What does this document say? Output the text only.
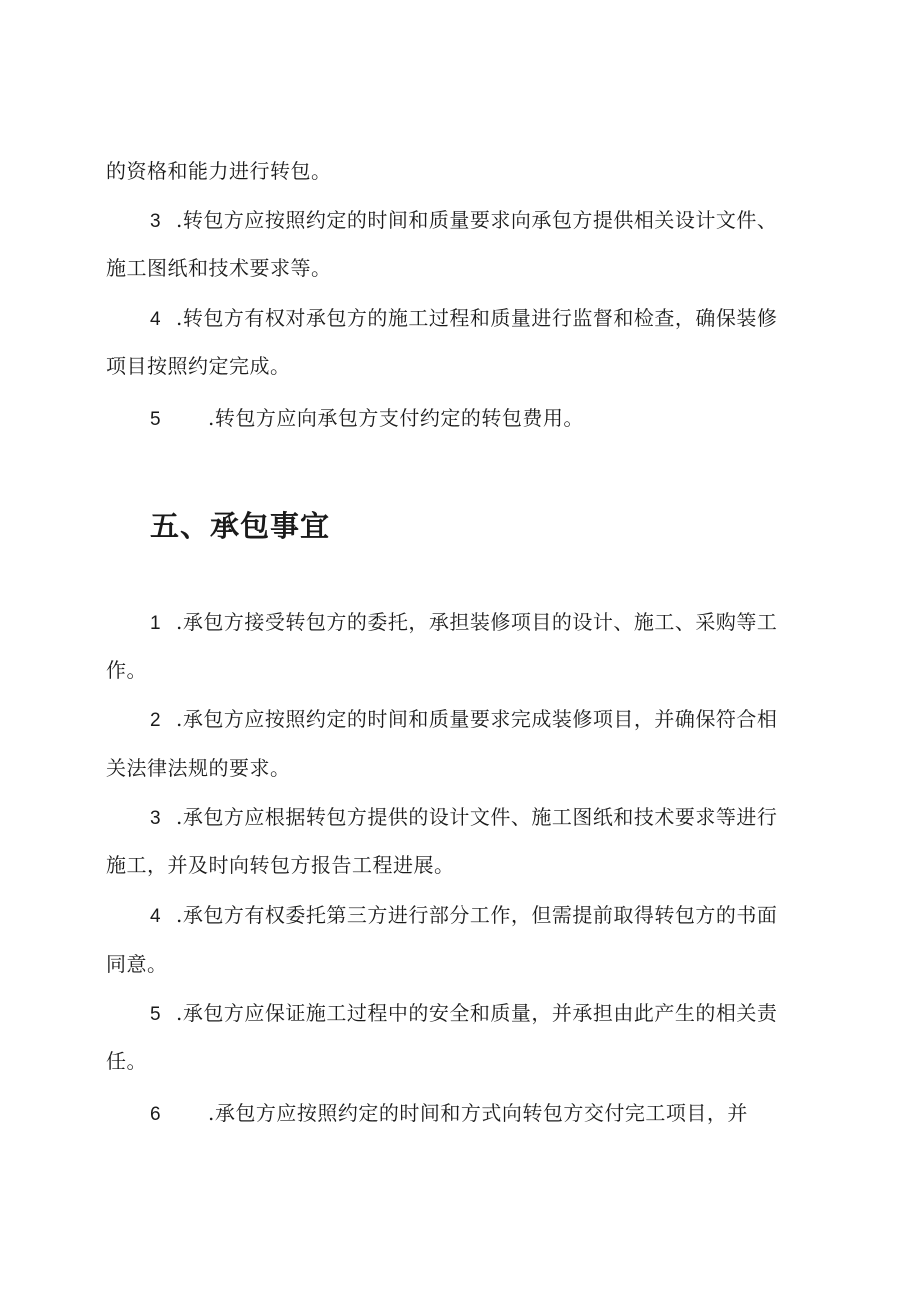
的资格和能力进行转包。
3 .转包方应按照约定的时间和质量要求向承包方提供相关设计文件、
施工图纸和技术要求等。
4 .转包方有权对承包方的施工过程和质量进行监督和检查，确保装修
项目按照约定完成。
5 .转包方应向承包方支付约定的转包费用。
五、承包事宜
1 .承包方接受转包方的委托，承担装修项目的设计、施工、采购等工
作。
2 .承包方应按照约定的时间和质量要求完成装修项目，并确保符合相
关法律法规的要求。
3 .承包方应根据转包方提供的设计文件、施工图纸和技术要求等进行
施工，并及时向转包方报告工程进展。
4 .承包方有权委托第三方进行部分工作，但需提前取得转包方的书面
同意。
5 .承包方应保证施工过程中的安全和质量，并承担由此产生的相关责
任。
6 .承包方应按照约定的时间和方式向转包方交付完工项目，并
